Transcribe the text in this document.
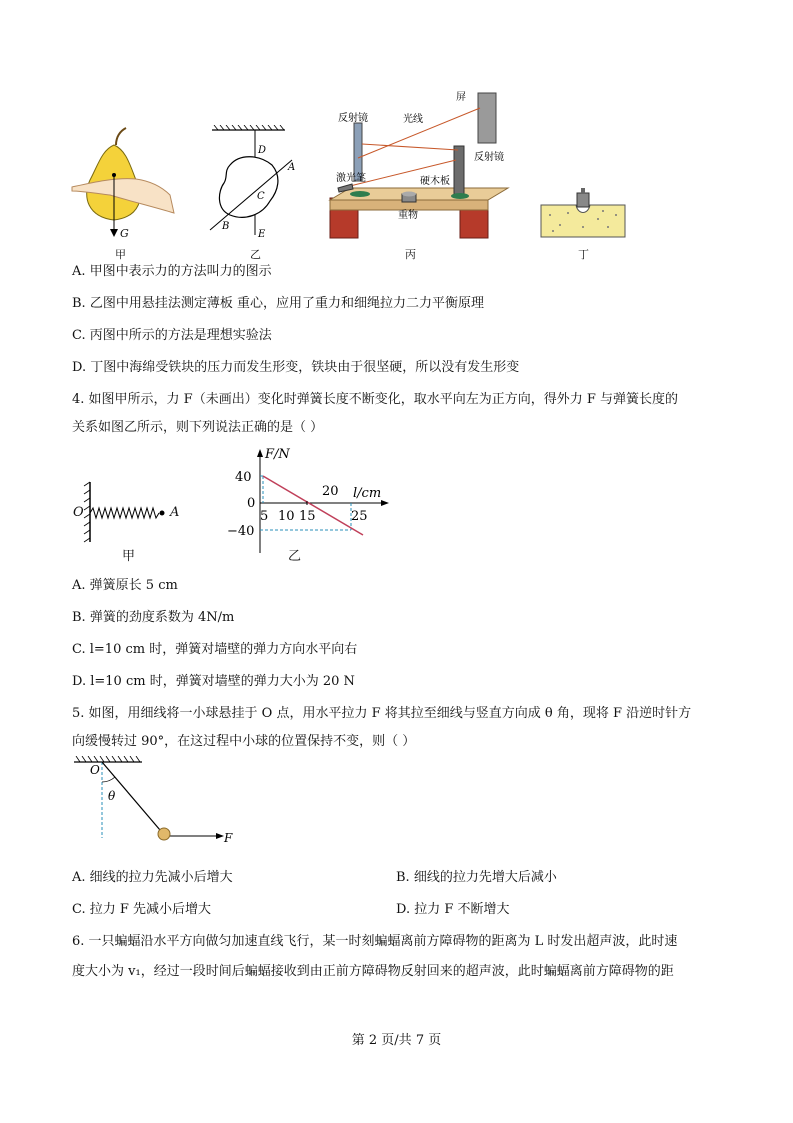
G
甲
D
A
C
B
E
乙
反射镜	光线
屏
反射镜
激光笔	硬木板
重物
丙	丁
A. 甲图中表示力的方法叫力的图示
B. 乙图中用悬挂法测定薄板 重心，应用了重力和细绳拉力二力平衡原理
C. 丙图中所示的方法是理想实验法
D. 丁图中海绵受铁块的压力而发生形变，铁块由于很坚硬，所以没有发生形变
4. 如图甲所示，力 F（未画出）变化时弹簧长度不断变化，取水平向左为正方向，得外力 F 与弹簧长度的
关系如图乙所示，则下列说法正确的是（ ）
O	A
甲
F/N
l/cm
40
0
−40
5 10 15
20
25
乙
A. 弹簧原长 5 cm
B. 弹簧的劲度系数为 4N/m
C. l=10 cm 时，弹簧对墙壁的弹力方向水平向右
D. l=10 cm 时，弹簧对墙壁的弹力大小为 20 N
5. 如图，用细线将一小球悬挂于 O 点，用水平拉力 F 将其拉至细线与竖直方向成 θ 角，现将 F 沿逆时针方
向缓慢转过 90°，在这过程中小球的位置保持不变，则（ ）
O
θ
F
A. 细线的拉力先减小后增大	B. 细线的拉力先增大后减小
C. 拉力 F 先减小后增大	D. 拉力 F 不断增大
6. 一只蝙蝠沿水平方向做匀加速直线飞行，某一时刻蝙蝠离前方障碍物的距离为 L 时发出超声波，此时速
度大小为 v₁，经过一段时间后蝙蝠接收到由正前方障碍物反射回来的超声波，此时蝙蝠离前方障碍物的距
第 2 页/共 7 页
